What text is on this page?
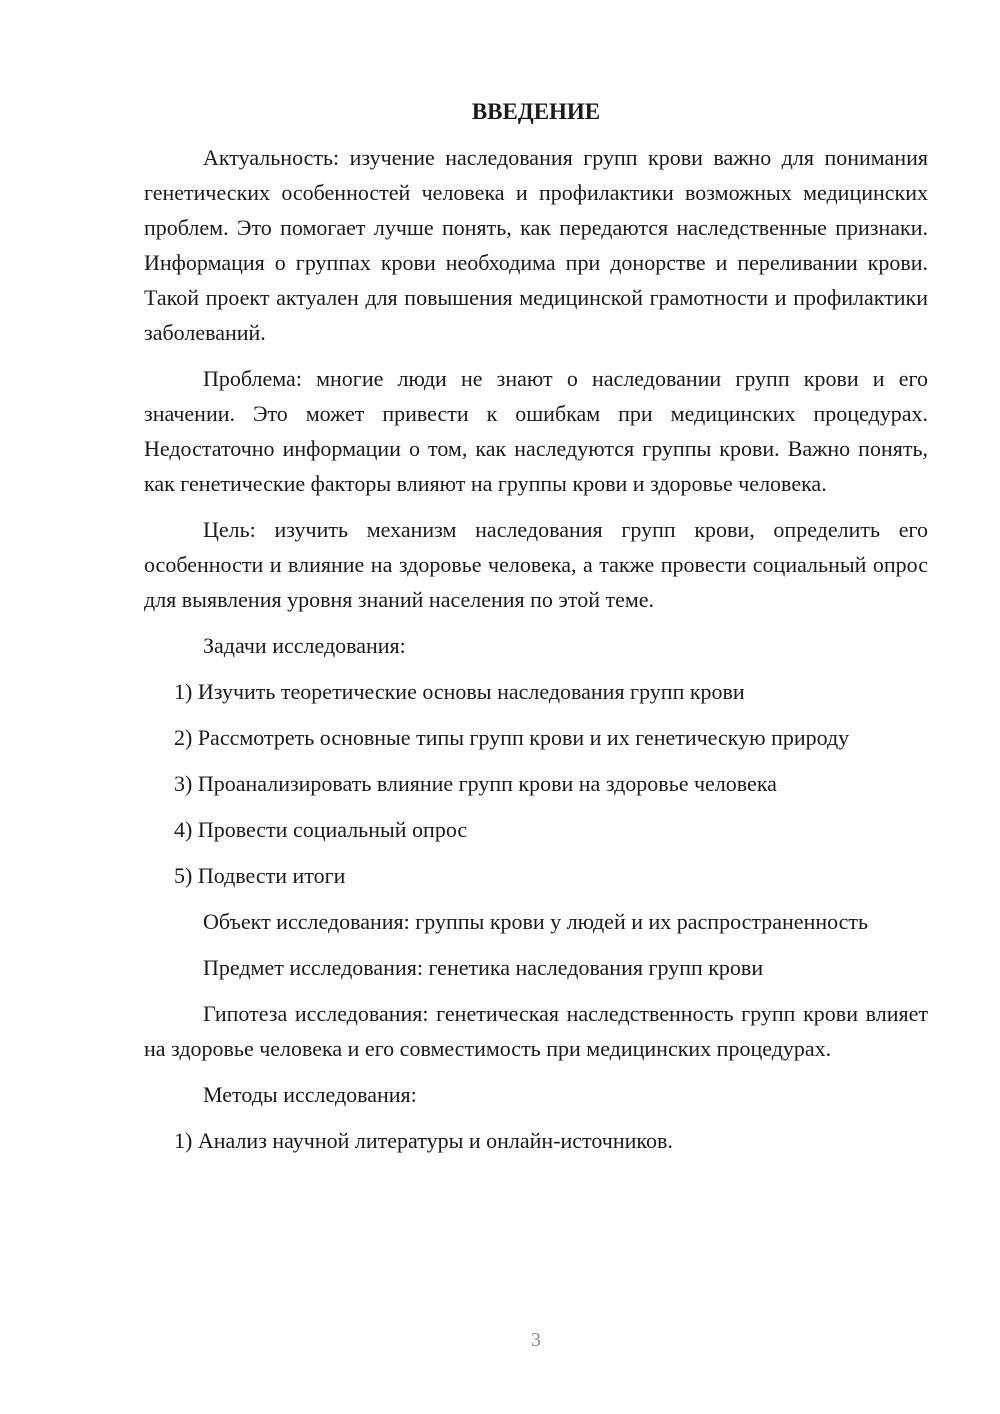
ВВЕДЕНИЕ

Актуальность: изучение наследования групп крови важно для понимания генетических особенностей человека и профилактики возможных медицинских проблем. Это помогает лучше понять, как передаются наследственные признаки. Информация о группах крови необходима при донорстве и переливании крови. Такой проект актуален для повышения медицинской грамотности и профилактики заболеваний.

Проблема: многие люди не знают о наследовании групп крови и его значении. Это может привести к ошибкам при медицинских процедурах. Недостаточно информации о том, как наследуются группы крови. Важно понять, как генетические факторы влияют на группы крови и здоровье человека.

Цель: изучить механизм наследования групп крови, определить его особенности и влияние на здоровье человека, а также провести социальный опрос для выявления уровня знаний населения по этой теме.

Задачи исследования:

1) Изучить теоретические основы наследования групп крови

2) Рассмотреть основные типы групп крови и их генетическую природу

3) Проанализировать влияние групп крови на здоровье человека

4) Провести социальный опрос

5) Подвести итоги

Объект исследования: группы крови у людей и их распространенность

Предмет исследования: генетика наследования групп крови

Гипотеза исследования: генетическая наследственность групп крови влияет на здоровье человека и его совместимость при медицинских процедурах.

Методы исследования:

1) Анализ научной литературы и онлайн-источников.

3
